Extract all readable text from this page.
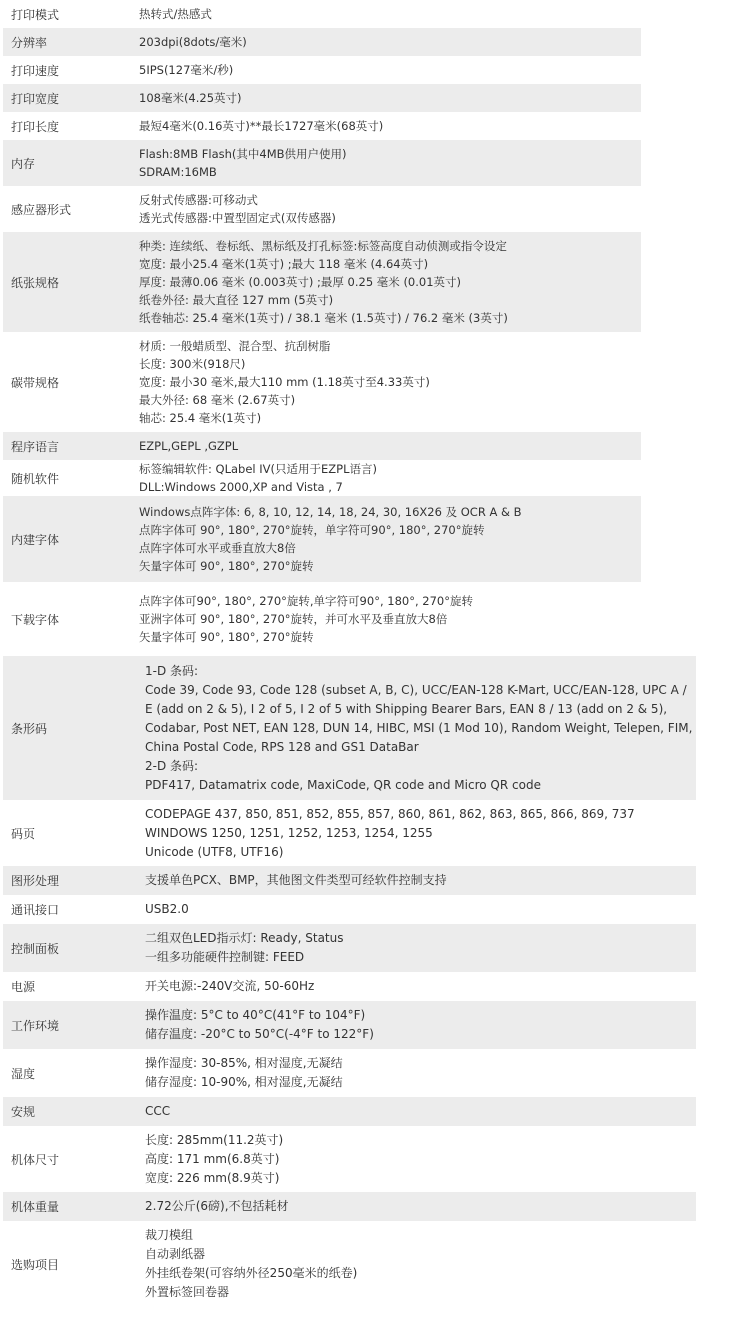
打印模式	热转式/热感式

分辨率	203dpi(8dots/毫米)

打印速度	5IPS(127毫米/秒)

打印宽度	108毫米(4.25英寸)

打印长度	最短4毫米(0.16英寸)**最长1727毫米(68英寸)

内存	Flash:8MB Flash(其中4MB供用户使用)
SDRAM:16MB

感应器形式	反射式传感器:可移动式
透光式传感器:中置型固定式(双传感器)

纸张规格	种类: 连续纸、卷标纸、黑标纸及打孔标签:标签高度自动侦测或指令设定
宽度: 最小25.4 毫米(1英寸) ;最大 118 毫米 (4.64英寸)
厚度: 最薄0.06 毫米 (0.003英寸) ;最厚 0.25 毫米 (0.01英寸)
纸卷外径: 最大直径 127 mm (5英寸)
纸卷轴芯: 25.4 毫米(1英寸) / 38.1 毫米 (1.5英寸) / 76.2 毫米 (3英寸)

碳带规格	材质: 一般蜡质型、混合型、抗刮树脂
长度: 300米(918尺)
宽度: 最小30 毫米,最大110 mm (1.18英寸至4.33英寸)
最大外径: 68 毫米 (2.67英寸)
轴芯: 25.4 毫米(1英寸)

程序语言	EZPL,GEPL ,GZPL

随机软件	标签编辑软件: QLabel IV(只适用于EZPL语言)
DLL:Windows 2000,XP and Vista , 7

内建字体	Windows点阵字体: 6, 8, 10, 12, 14, 18, 24, 30, 16X26 及 OCR A & B
点阵字体可 90°, 180°, 270°旋转，单字符可90°, 180°, 270°旋转
点阵字体可水平或垂直放大8倍
矢量字体可 90°, 180°, 270°旋转

下载字体	点阵字体可90°, 180°, 270°旋转,单字符可90°, 180°, 270°旋转
亚洲字体可 90°, 180°, 270°旋转，并可水平及垂直放大8倍
矢量字体可 90°, 180°, 270°旋转
条形码	1-D 条码:
Code 39, Code 93, Code 128 (subset A, B, C), UCC/EAN-128 K-Mart, UCC/EAN-128, UPC A / E (add on 2 & 5), I 2 of 5, I 2 of 5 with Shipping Bearer Bars, EAN 8 / 13 (add on 2 & 5), Codabar, Post NET, EAN 128, DUN 14, HIBC, MSI (1 Mod 10), Random Weight, Telepen, FIM, China Postal Code, RPS 128 and GS1 DataBar
2-D 条码:
PDF417, Datamatrix code, MaxiCode, QR code and Micro QR code

码页	CODEPAGE 437, 850, 851, 852, 855, 857, 860, 861, 862, 863, 865, 866, 869, 737
WINDOWS 1250, 1251, 1252, 1253, 1254, 1255
Unicode (UTF8, UTF16)

图形处理	支援单色PCX、BMP，其他图文件类型可经软件控制支持

通讯接口	USB2.0

控制面板	二组双色LED指示灯: Ready, Status
一组多功能硬件控制键: FEED

电源	开关电源:-240V交流, 50-60Hz

工作环境	操作温度: 5°C to 40°C(41°F to 104°F)
储存温度: -20°C to 50°C(-4°F to 122°F)

湿度	操作湿度: 30-85%, 相对湿度,无凝结
储存湿度: 10-90%, 相对湿度,无凝结

安规	CCC

机体尺寸	长度: 285mm(11.2英寸)
高度: 171 mm(6.8英寸)
宽度: 226 mm(8.9英寸)

机体重量	2.72公斤(6磅),不包括耗材

选购项目	裁刀模组
自动剥纸器
外挂纸卷架(可容纳外径250毫米的纸卷)
外置标签回卷器
